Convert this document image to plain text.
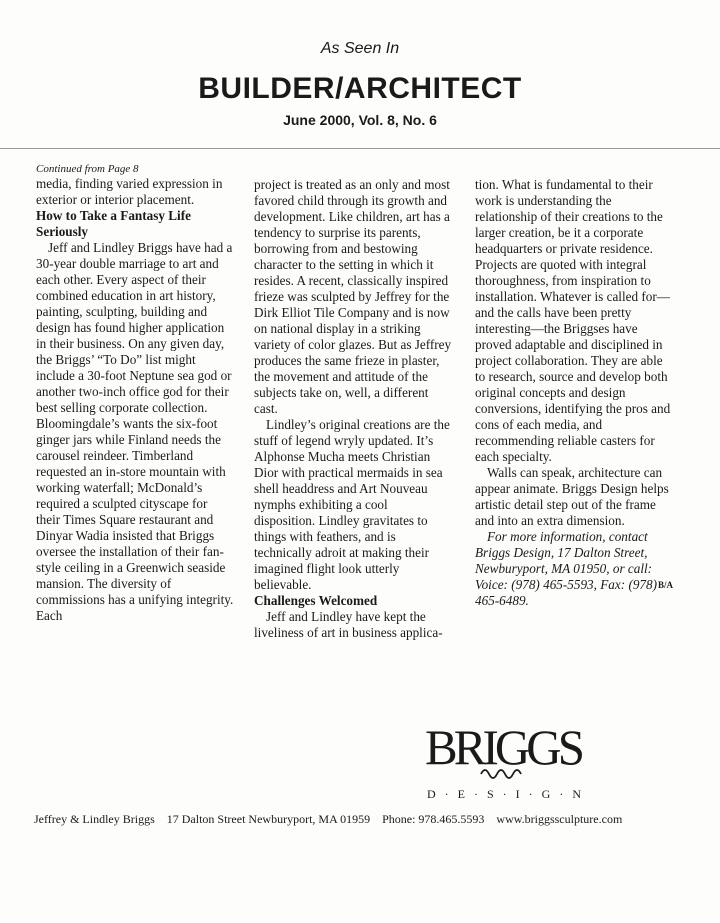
As Seen In
BUILDER/ARCHITECT
June 2000, Vol. 8, No. 6

Continued from Page 8

media, finding varied expression in exterior or interior placement.

How to Take a Fantasy Life Seriously

Jeff and Lindley Briggs have had a 30-year double marriage to art and each other. Every aspect of their combined education in art history, painting, sculpting, building and design has found higher application in their business. On any given day, the Briggs’ “To Do” list might include a 30-foot Neptune sea god or another two-inch office god for their best selling corporate collection. Bloomingdale’s wants the six-foot ginger jars while Finland needs the carousel reindeer. Timberland requested an in-store mountain with working waterfall; McDonald’s required a sculpted cityscape for their Times Square restaurant and Dinyar Wadia insisted that Briggs oversee the installation of their fan-style ceiling in a Greenwich seaside mansion. The diversity of commissions has a unifying integrity. Each

project is treated as an only and most favored child through its growth and development. Like children, art has a tendency to surprise its parents, borrowing from and bestowing character to the setting in which it resides. A recent, classically inspired frieze was sculpted by Jeffrey for the Dirk Elliot Tile Company and is now on national display in a striking variety of color glazes. But as Jeffrey produces the same frieze in plaster, the movement and attitude of the subjects take on, well, a different cast.

Lindley’s original creations are the stuff of legend wryly updated. It’s Alphonse Mucha meets Christian Dior with practical mermaids in sea shell headdress and Art Nouveau nymphs exhibiting a cool disposition. Lindley gravitates to things with feathers, and is technically adroit at making their imagined flight look utterly believable.

Challenges Welcomed

Jeff and Lindley have kept the liveliness of art in business applica-

tion. What is fundamental to their work is understanding the relationship of their creations to the larger creation, be it a corporate headquarters or private residence. Projects are quoted with integral thoroughness, from inspiration to installation. Whatever is called for—and the calls have been pretty interesting—the Briggses have proved adaptable and disciplined in project collaboration. They are able to research, source and develop both original concepts and design conversions, identifying the pros and cons of each media, and recommending reliable casters for each specialty.

Walls can speak, architecture can appear animate. Briggs Design helps artistic detail step out of the frame and into an extra dimension.

For more information, contact Briggs Design, 17 Dalton Street, Newburyport, MA 01950, or call: Voice: (978) 465-5593, Fax: (978) 465-6489.

B/A
BRIGGS
D · E · S · I · G · N
Jeffrey & Lindley Briggs 17 Dalton Street Newburyport, MA 01959 Phone: 978.465.5593 www.briggssculpture.com
